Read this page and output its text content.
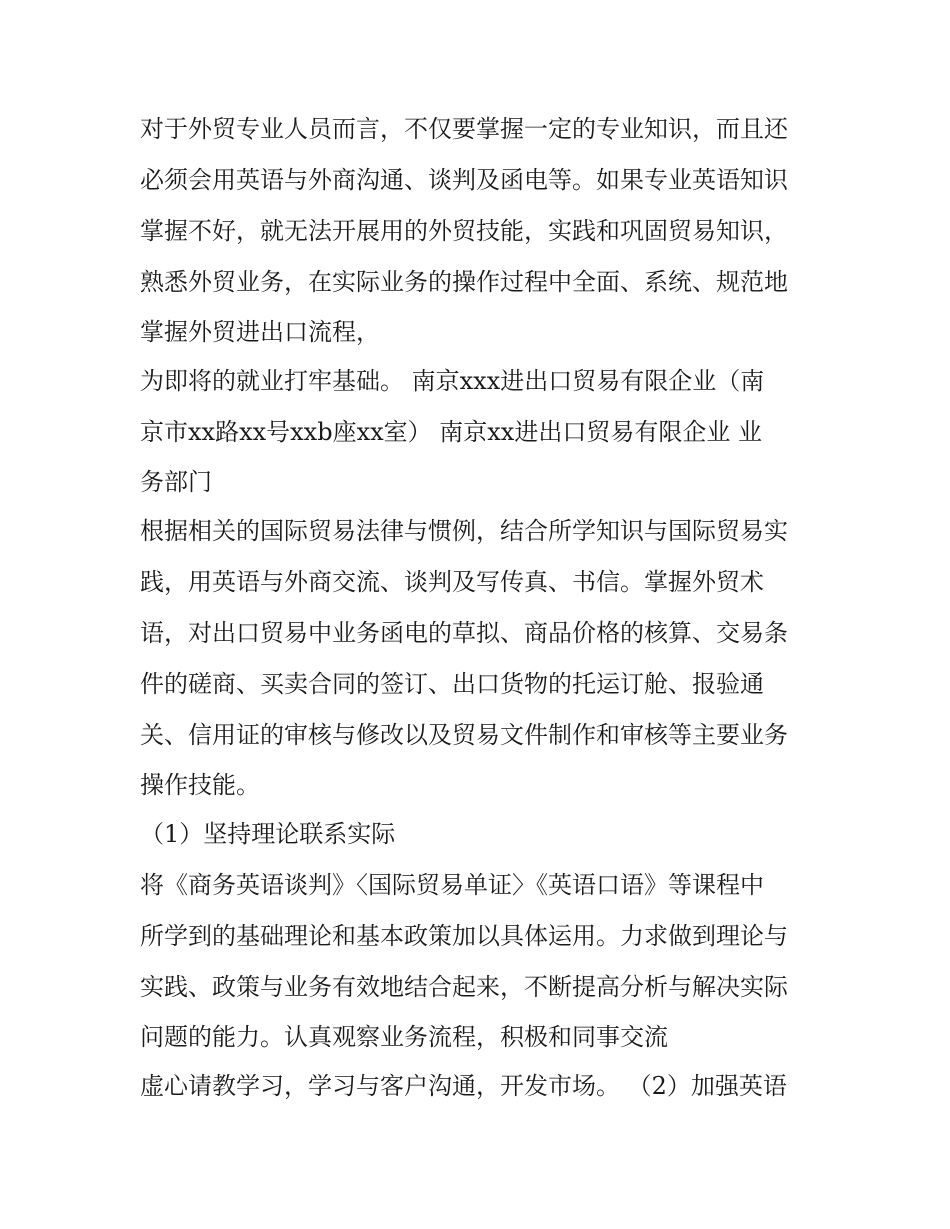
对于外贸专业人员而言，不仅要掌握一定的专业知识，而且还
必须会用英语与外商沟通、谈判及函电等。如果专业英语知识
掌握不好，就无法开展用的外贸技能，实践和巩固贸易知识，
熟悉外贸业务，在实际业务的操作过程中全面、系统、规范地
掌握外贸进出口流程，
为即将的就业打牢基础。 南京xxx进出口贸易有限企业（南
京市xx路xx号xxb座xx室） 南京xx进出口贸易有限企业 业
务部门
根据相关的国际贸易法律与惯例，结合所学知识与国际贸易实
践，用英语与外商交流、谈判及写传真、书信。掌握外贸术
语，对出口贸易中业务函电的草拟、商品价格的核算、交易条
件的磋商、买卖合同的签订、出口货物的托运订舱、报验通
关、信用证的审核与修改以及贸易文件制作和审核等主要业务
操作技能。
（1）坚持理论联系实际
将《商务英语谈判》〈国际贸易单证〉《英语口语》等课程中
所学到的基础理论和基本政策加以具体运用。力求做到理论与
实践、政策与业务有效地结合起来，不断提高分析与解决实际
问题的能力。认真观察业务流程，积极和同事交流
虚心请教学习，学习与客户沟通，开发市场。 （2）加强英语
